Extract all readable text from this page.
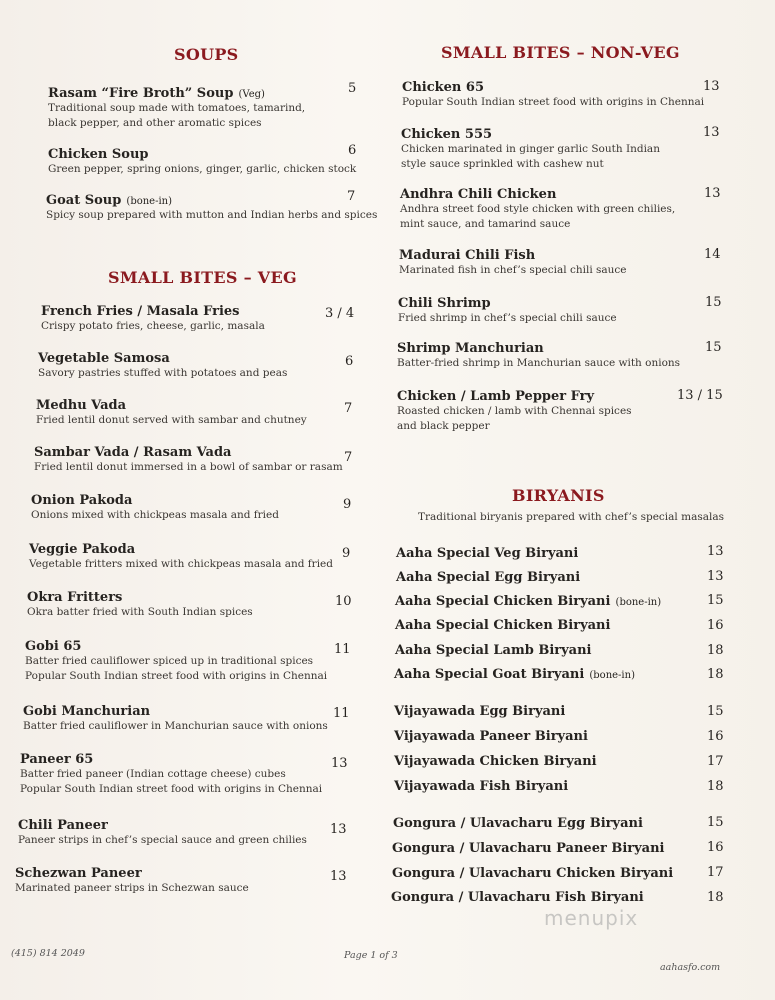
SOUPS
Rasam “Fire Broth” Soup (Veg)
Traditional soup made with tomatoes, tamarind,
black pepper, and other aromatic spices
5
Chicken Soup
Green pepper, spring onions, ginger, garlic, chicken stock
6
Goat Soup (bone-in)
Spicy soup prepared with mutton and Indian herbs and spices
7
SMALL BITES – VEG
French Fries / Masala Fries
Crispy potato fries, cheese, garlic, masala
3 / 4
Vegetable Samosa
Savory pastries stuffed with potatoes and peas
6
Medhu Vada
Fried lentil donut served with sambar and chutney
7
Sambar Vada / Rasam Vada
Fried lentil donut immersed in a bowl of sambar or rasam
7
Onion Pakoda
Onions mixed with chickpeas masala and fried
9
Veggie Pakoda
Vegetable fritters mixed with chickpeas masala and fried
9
Okra Fritters
Okra batter fried with South Indian spices
10
Gobi 65
Batter fried cauliflower spiced up in traditional spices
Popular South Indian street food with origins in Chennai
11
Gobi Manchurian
Batter fried cauliflower in Manchurian sauce with onions
11
Paneer 65
Batter fried paneer (Indian cottage cheese) cubes
Popular South Indian street food with origins in Chennai
13
Chili Paneer
Paneer strips in chef’s special sauce and green chilies
13
Schezwan Paneer
Marinated paneer strips in Schezwan sauce
13
SMALL BITES – NON-VEG
Chicken 65
Popular South Indian street food with origins in Chennai
13
Chicken 555
Chicken marinated in ginger garlic South Indian
style sauce sprinkled with cashew nut
13
Andhra Chili Chicken
Andhra street food style chicken with green chilies,
mint sauce, and tamarind sauce
13
Madurai Chili Fish
Marinated fish in chef’s special chili sauce
14
Chili Shrimp
Fried shrimp in chef’s special chili sauce
15
Shrimp Manchurian
Batter-fried shrimp in Manchurian sauce with onions
15
Chicken / Lamb Pepper Fry
Roasted chicken / lamb with Chennai spices
and black pepper
13 / 15
BIRYANIS
Traditional biryanis prepared with chef’s special masalas
Aaha Special Veg Biryani	13
Aaha Special Egg Biryani	13
Aaha Special Chicken Biryani (bone-in)	15
Aaha Special Chicken Biryani	16
Aaha Special Lamb Biryani	18
Aaha Special Goat Biryani (bone-in)	18
Vijayawada Egg Biryani	15
Vijayawada Paneer Biryani	16
Vijayawada Chicken Biryani	17
Vijayawada Fish Biryani	18
Gongura / Ulavacharu Egg Biryani	15
Gongura / Ulavacharu Paneer Biryani	16
Gongura / Ulavacharu Chicken Biryani	17
Gongura / Ulavacharu Fish Biryani	18
menupix
(415) 814 2049	Page 1 of 3
aahasfo.com
